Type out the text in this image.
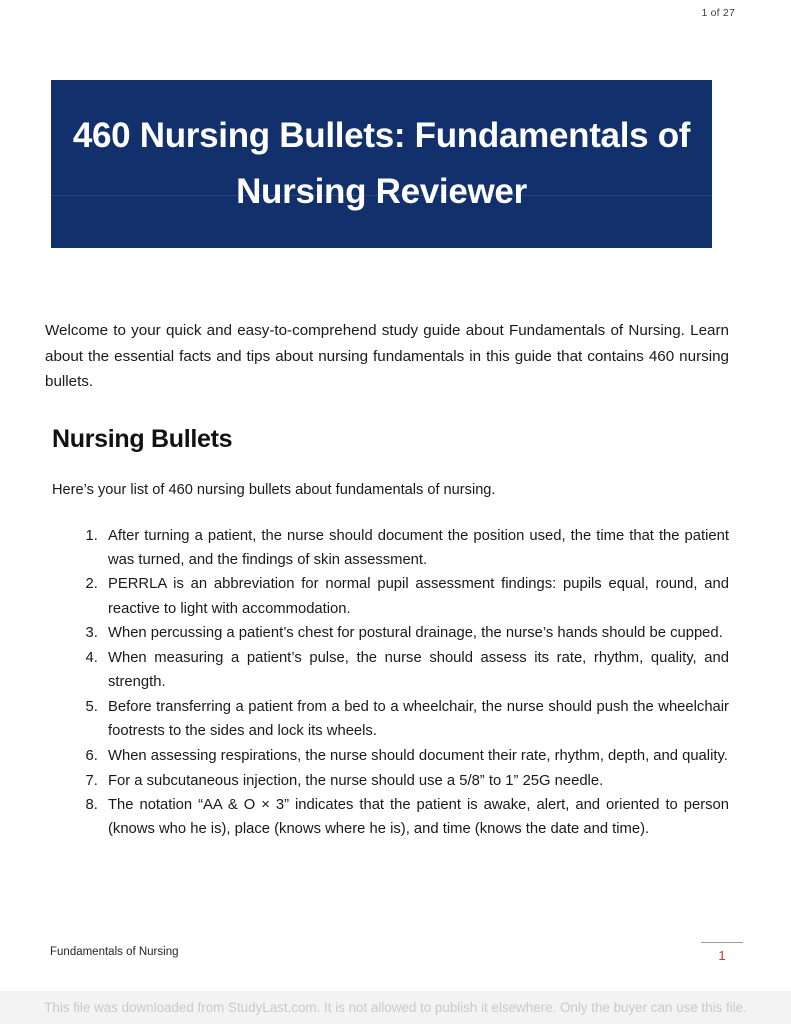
1 of 27
460 Nursing Bullets: Fundamentals of Nursing Reviewer

Welcome to your quick and easy-to-comprehend study guide about Fundamentals of Nursing. Learn about the essential facts and tips about nursing fundamentals in this guide that contains 460 nursing bullets.

Nursing Bullets

Here’s your list of 460 nursing bullets about fundamentals of nursing.

1. After turning a patient, the nurse should document the position used, the time that the patient was turned, and the findings of skin assessment.
2. PERRLA is an abbreviation for normal pupil assessment findings: pupils equal, round, and reactive to light with accommodation.
3. When percussing a patient’s chest for postural drainage, the nurse’s hands should be cupped.
4. When measuring a patient’s pulse, the nurse should assess its rate, rhythm, quality, and strength.
5. Before transferring a patient from a bed to a wheelchair, the nurse should push the wheelchair footrests to the sides and lock its wheels.
6. When assessing respirations, the nurse should document their rate, rhythm, depth, and quality.
7. For a subcutaneous injection, the nurse should use a 5/8” to 1” 25G needle.
8. The notation “AA & O × 3” indicates that the patient is awake, alert, and oriented to person (knows who he is), place (knows where he is), and time (knows the date and time).
Fundamentals of Nursing	1
This file was downloaded from StudyLast.com. It is not allowed to publish it elsewhere. Only the buyer can use this file.
